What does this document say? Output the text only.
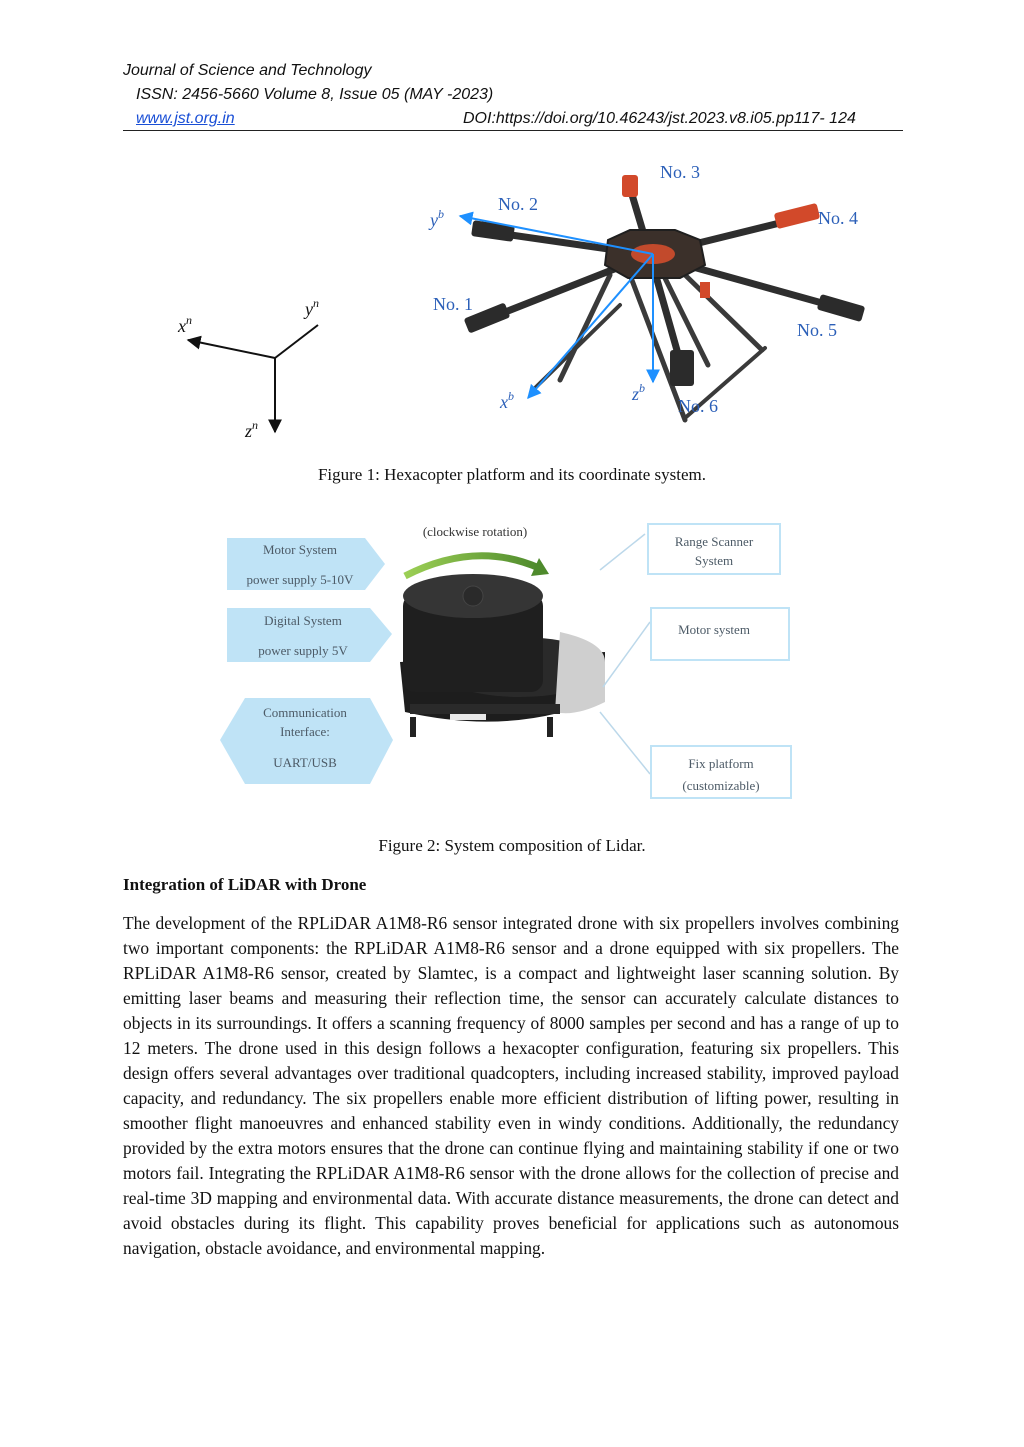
Journal of Science and Technology
ISSN: 2456-5660 Volume 8, Issue 05 (MAY -2023)
www.jst.org.in	DOI:https://doi.org/10.46243/jst.2023.v8.i05.pp117- 124
$x^n$
$y^n$
$z^n$
$y^b$
$z^b$
$x^b$
No. 1
No. 2
No. 3
No. 4
No. 5
No. 6
Figure 1: Hexacopter platform and its coordinate system.
Motor System
power supply 5-10V
Digital System
power supply 5V
Communication
Interface:
UART/USB
(clockwise rotation)
Range Scanner
System
Motor system
Fix platform
(customizable)
Figure 2: System composition of Lidar.
Integration of LiDAR with Drone

The development of the RPLiDAR A1M8-R6 sensor integrated drone with six propellers involves combining two important components: the RPLiDAR A1M8-R6 sensor and a drone equipped with six propellers. The RPLiDAR A1M8-R6 sensor, created by Slamtec, is a compact and lightweight laser scanning solution. By emitting laser beams and measuring their reflection time, the sensor can accurately calculate distances to objects in its surroundings. It offers a scanning frequency of 8000 samples per second and has a range of up to 12 meters. The drone used in this design follows a hexacopter configuration, featuring six propellers. This design offers several advantages over traditional quadcopters, including increased stability, improved payload capacity, and redundancy. The six propellers enable more efficient distribution of lifting power, resulting in smoother flight manoeuvres and enhanced stability even in windy conditions. Additionally, the redundancy provided by the extra motors ensures that the drone can continue flying and maintaining stability if one or two motors fail. Integrating the RPLiDAR A1M8-R6 sensor with the drone allows for the collection of precise and real-time 3D mapping and environmental data. With accurate distance measurements, the drone can detect and avoid obstacles during its flight. This capability proves beneficial for applications such as autonomous navigation, obstacle avoidance, and environmental mapping.
